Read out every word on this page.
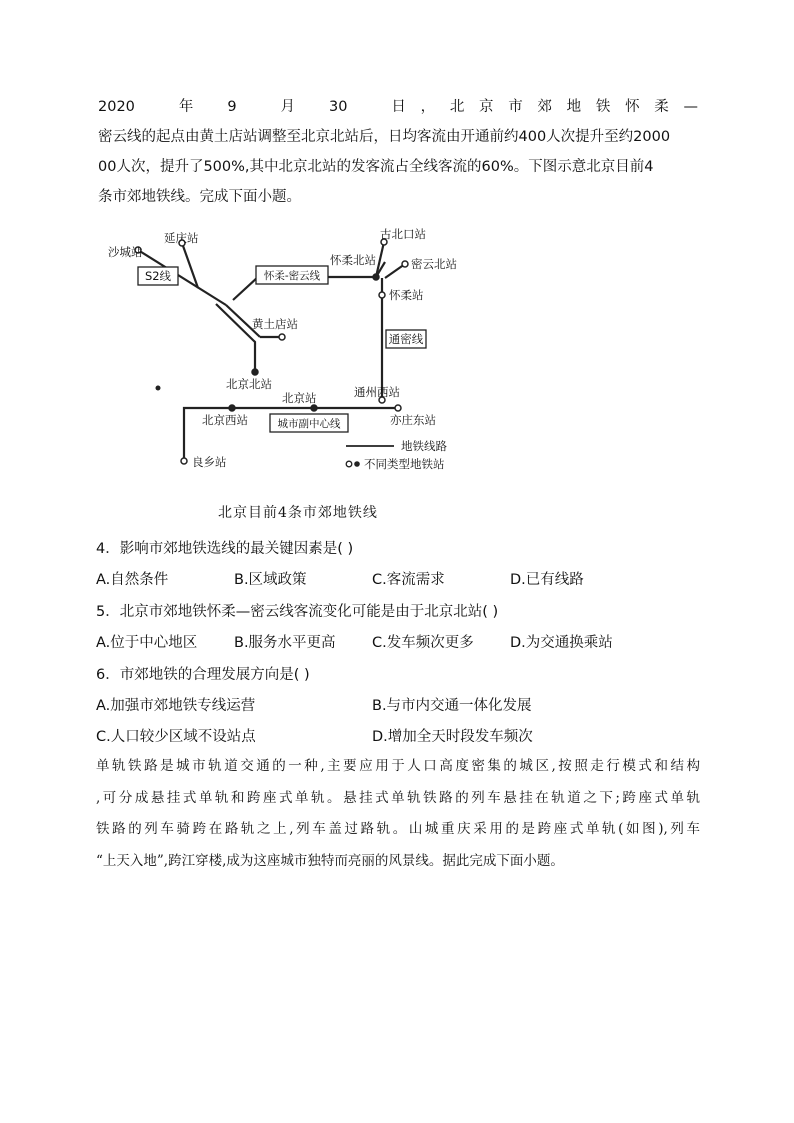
2020　年 9　月 30　日，北京市郊地铁怀柔—
密云线的起点由黄土店站调整至北京北站后，日均客流由开通前约400人次提升至约2000
00人次，提升了500%,其中北京北站的发客流占全线客流的60%。下图示意北京目前4
条市郊地铁线。完成下面小题。
S2线	怀柔-密云线
通密线
城市副中心线
沙城站
延庆站	古北口站
怀柔北站	密云北站
怀柔站
黄土店站
北京北站
通州西站
北京站
北京西站	亦庄东站
良乡站
地铁线路
不同类型地铁站
北京目前4条市郊地铁线
4．影响市郊地铁选线的最关键因素是( )
A.自然条件	B.区域政策	C.客流需求	D.已有线路
5．北京市郊地铁怀柔—密云线客流变化可能是由于北京北站( )
A.位于中心地区	B.服务水平更高	C.发车频次更多	D.为交通换乘站
6．市郊地铁的合理发展方向是( )
A.加强市郊地铁专线运营	B.与市内交通一体化发展
C.人口较少区域不设站点	D.增加全天时段发车频次
单轨铁路是城市轨道交通的一种,主要应用于人口高度密集的城区,按照走行模式和结构
,可分成悬挂式单轨和跨座式单轨。悬挂式单轨铁路的列车悬挂在轨道之下;跨座式单轨
铁路的列车骑跨在路轨之上,列车盖过路轨。山城重庆采用的是跨座式单轨(如图),列车
“上天入地”,跨江穿楼,成为这座城市独特而亮丽的风景线。据此完成下面小题。
